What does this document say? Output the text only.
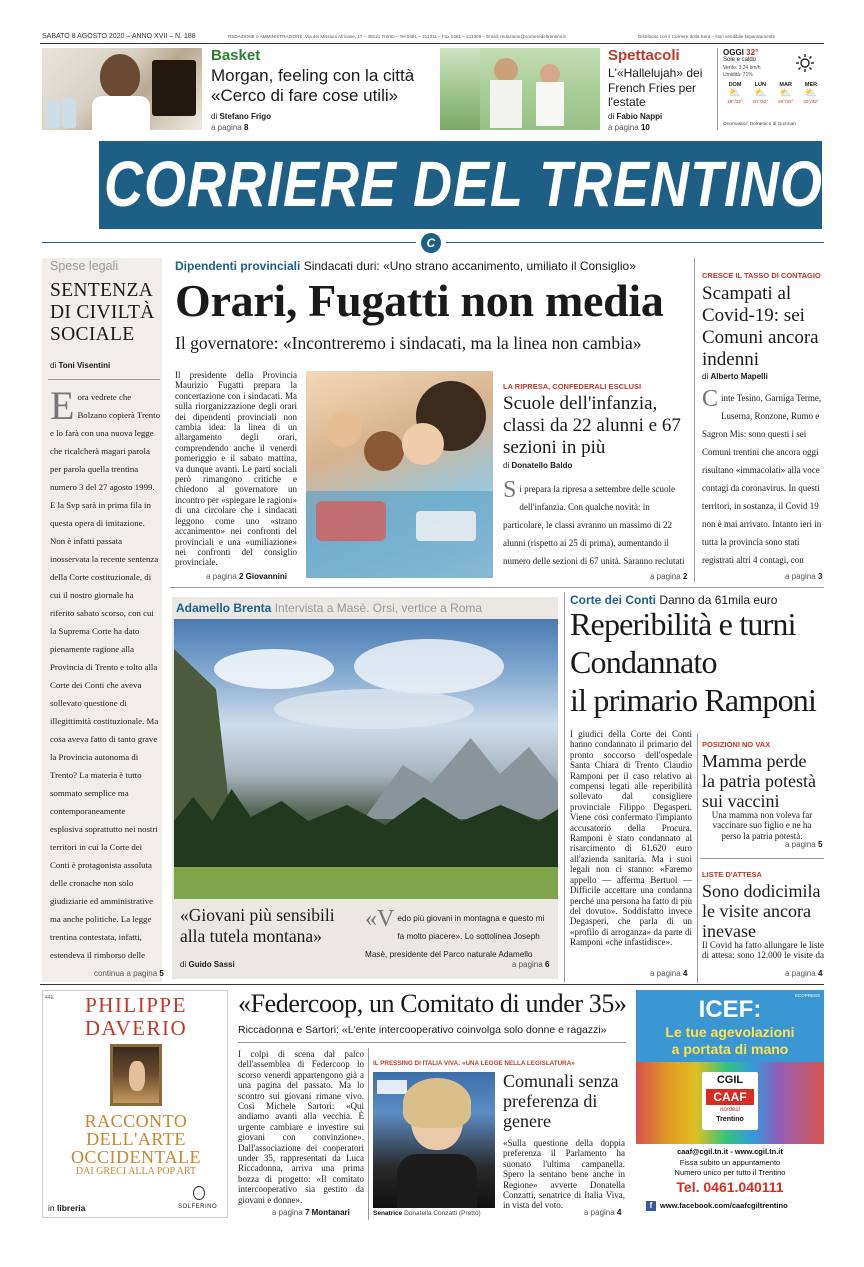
SABATO 8 AGOSTO 2020 – ANNO XVII – N. 188	REDAZIONE e AMMINISTRAZIONE: Via dei Missioni Africane, 17 – 38121 Trento – Tel 0461 – 211311 – Fax 0461 – 211309 – Email: redazione@corrieredeltrentino.it	Distribuito con il Corriere della Sera – Non vendibile separatamente
Basket
Morgan, feeling con la città «Cerco di fare cose utili»
di Stefano Frigo
a pagina 8
Spettacoli
L'«Hallelujah» dei French Fries per l'estate
di Fabio Nappi
a pagina 10
OGGI 32°
Sole e caldo
Vento: 3,24 km/h
Umidità: 71%
DOM
⛅
19°/32°
LUN
⛅
20°/32°
MAR
⛅
19°/32°
MER
⛅
20°/32°
Onomastici: Domenico di Guzman
CORRIERE DEL TRENTINO
C
Spese legali
SENTENZA DI CIVILTÀ SOCIALE
di Toni Visentini
E ora vedrete che Bolzano copierà Trento e lo farà con una nuova legge che ricalcherà magari parola per parola quella trentina numero 3 del 27 agosto 1999. E la Svp sarà in prima fila in questa opera di imitazione. Non è infatti passata inosservata la recente sentenza della Corte costituzionale, di cui il nostro giornale ha riferito sabato scorso, con cui la Suprema Corte ha dato pienamente ragione alla Provincia di Trento e tolto alla Corte dei Conti che aveva sollevato questione di illegittimità costituzionale. Ma cosa aveva fatto di tanto grave la Provincia autonoma di Trento? La materia è tutto sommato semplice ma contemporaneamente esplosiva soprattutto nei nostri territori in cui la Corte dei Conti è protagonista assoluta delle cronache non solo giudiziarie ed amministrative ma anche politiche. La legge trentina contestata, infatti, estendeva il rimborso delle
continua a pagina 5
Dipendenti provinciali Sindacati duri: «Uno strano accanimento, umiliato il Consiglio»
Orari, Fugatti non media
Il governatore: «Incontreremo i sindacati, ma la linea non cambia»
Il presidente della Provincia Maurizio Fugatti prepara la concertazione con i sindacati. Ma sulla riorganizzazione degli orari dei dipendenti provinciali non cambia idea: la linea di un allargamento degli orari, comprendendo anche il venerdì pomeriggio e il sabato mattina, va dunque avanti. Le parti sociali però rimangono critiche e chiedono al governatore un incontro per «spiegare le ragioni» di una circolare che i sindacati leggono come uno «strano accanimento» nei confronti del provinciali e una «umiliazione» nei confronti del consiglio provinciale.
a pagina 2 Giovannini
LA RIPRESA, CONFEDERALI ESCLUSI
Scuole dell'infanzia, classi da 22 alunni e 67 sezioni in più
di Donatello Baldo
S i prepara la ripresa a settembre delle scuole dell'infanzia. Con qualche novità: in particolare, le classi avranno un massimo di 22 alunni (rispetto ai 25 di prima), aumentando il numero delle sezioni di 67 unità. Saranno reclutati
a pagina 2
CRESCE IL TASSO DI CONTAGIO
Scampati al Covid-19: sei Comuni ancora indenni
di Alberto Mapelli
C inte Tesino, Garniga Terme, Luserna, Ronzone, Rumo e Sagron Mis: sono questi i sei Comuni trentini che ancora oggi risultano «immacolati» alla voce contagi da coronavirus. In questi territori, in sostanza, il Covid 19 non è mai arrivato. Intanto ieri in tutta la provincia sono stati registrati altri 4 contagi, con
a pagina 3
Adamello Brenta Intervista a Masè. Orsi, vertice a Roma
«Giovani più sensibili alla tutela montana»
di Guido Sassi
«V edo più giovani in montagna e questo mi fa molto piacere». Lo sottolinea Joseph Masè, presidente del Parco naturale Adamello
a pagina 6
Corte dei Conti Danno da 61mila euro
Reperibilità e turni
Condannato
il primario Ramponi
I giudici della Corte dei Conti hanno condannato il primario del pronto soccorso dell'ospedale Santa Chiara di Trento Claudio Ramponi per il caso relativo ai compensi legati alle reperibilità sollevato dal consigliere provinciale Filippo Degasperi. Viene così confermato l'impianto accusatorio della Procura. Ramponi è stato condannato al risarcimento di 61.620 euro all'azienda sanitaria. Ma i suoi legali non ci stanno: «Faremo appello — afferma Bertuol — Difficile accettare una condanna perché una persona ha fatto di più del dovuto». Soddisfatto invece Degasperi, che parla di un «profilo di arroganza» da parte di Ramponi «che infastidisce».
a pagina 4
POSIZIONI NO VAX
Mamma perde la patria potestà sui vaccini
Una mamma non voleva far vaccinare suo figlio e ne ha perso la patria potestà.
a pagina 5
LISTE D'ATTESA
Sono dodicimila le visite ancora inevase
Il Covid ha fatto allungare le liste di attesa: sono 12.000 le visite da
a pagina 4
44E	PHILIPPE DAVERIO
RACCONTO DELL'ARTE OCCIDENTALE
DAI GRECI ALLA POP ART
in libreria	SOLFERINO
«Federcoop, un Comitato di under 35»
Riccadonna e Sartori: «L'ente intercooperativo coinvolga solo donne e ragazzi»
I colpi di scena dal palco dell'assemblea di Federcoop lo scorso venerdì appartengono già a una pagina del passato. Ma lo scontro sui giovani rimane vivo. Così Michele Sartori: «Qui andiamo avanti alla vecchia. È urgente cambiare e investire sui giovani con convinzione». Dall'associazione dei cooperatori under 35, rappresentati da Luca Riccadonna, arriva una prima bozza di progetto: «Il comitato intercooperativo sia gestito da giovani e donne».
a pagina 7 Montanari
IL PRESSING DI ITALIA VIVA: «UNA LEGGE NELLA LEGISLATURA»
Senatrice Donatella Conzatti (Pretto)
Comunali senza preferenza di genere
«Sulla questione della doppia preferenza il Parlamento ha suonato l'ultima campanella. Spero la sentano bene anche in Regione» avverte Donatella Conzatti, senatrice di Italia Viva, in vista del voto.
a pagina 4
ECOPRESS
ICEF:
Le tue agevolazioni
a portata di mano
CGIL
CAAF
nordest
Trentino
caaf@cgil.tn.it - www.cgil.tn.it
Fissa subito un appuntamento
Numero unico per tutto il Trentino
Tel. 0461.040111
f	www.facebook.com/caafcgiltrentino
